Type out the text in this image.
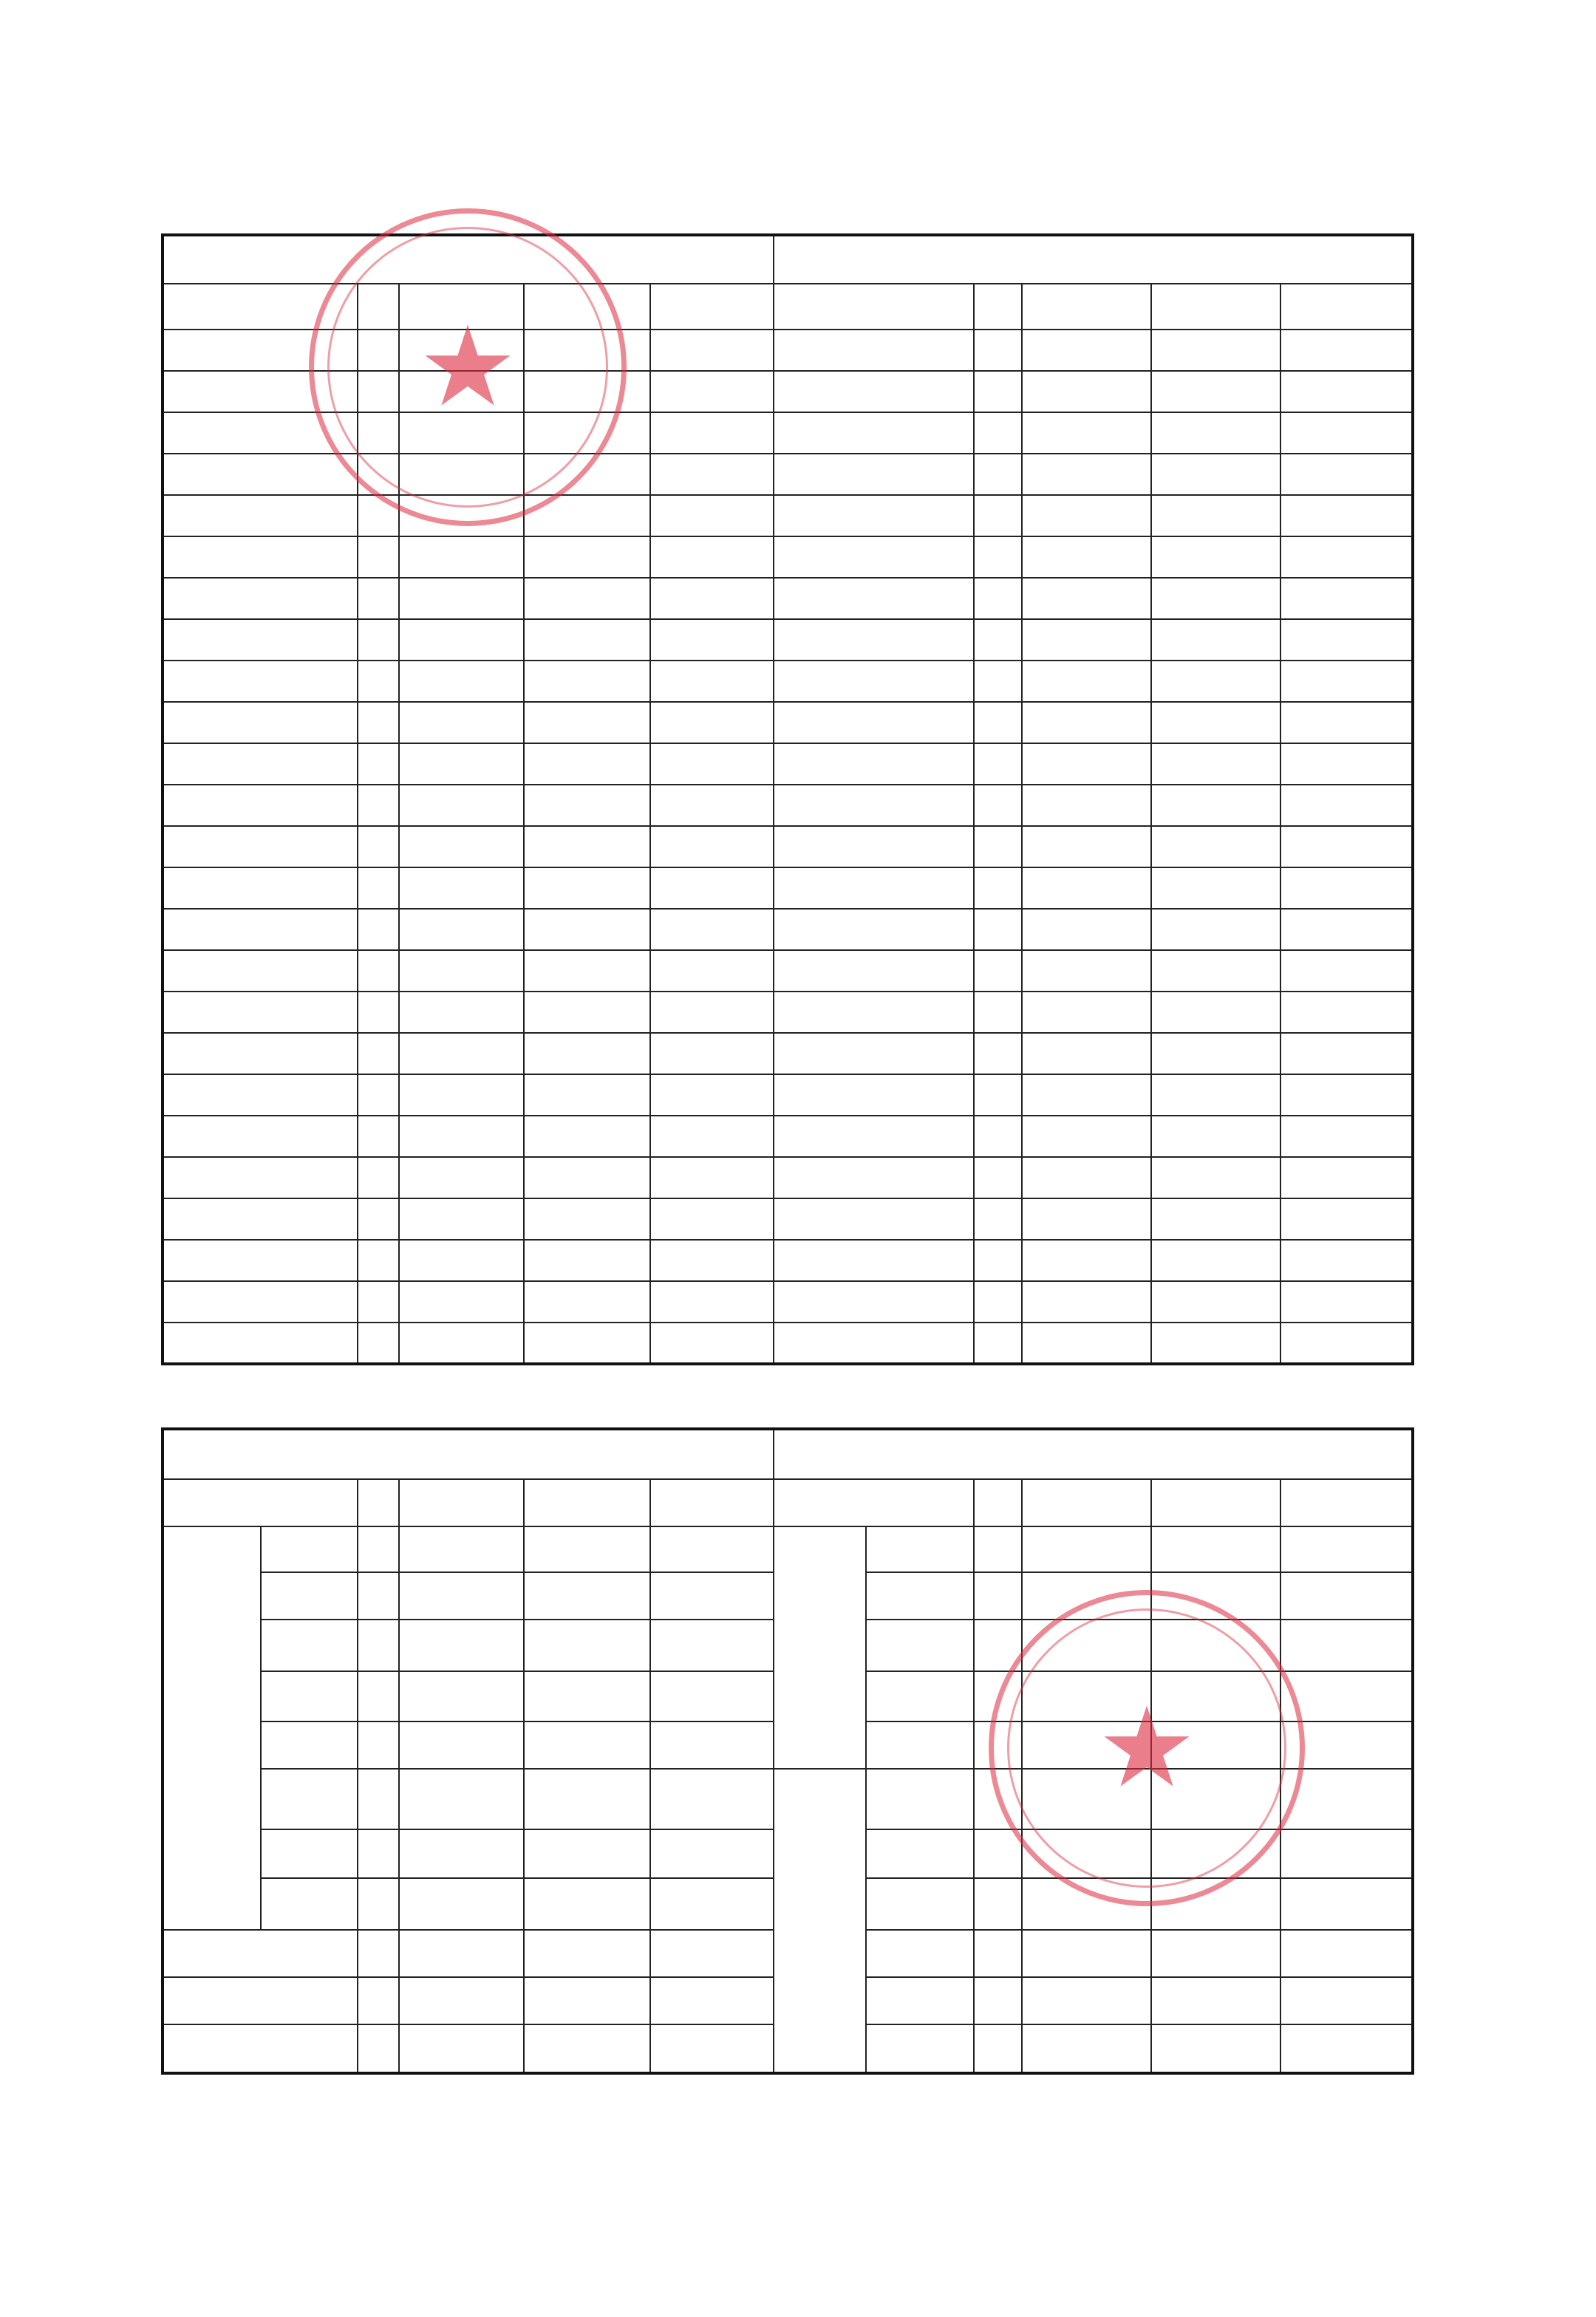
★
★
